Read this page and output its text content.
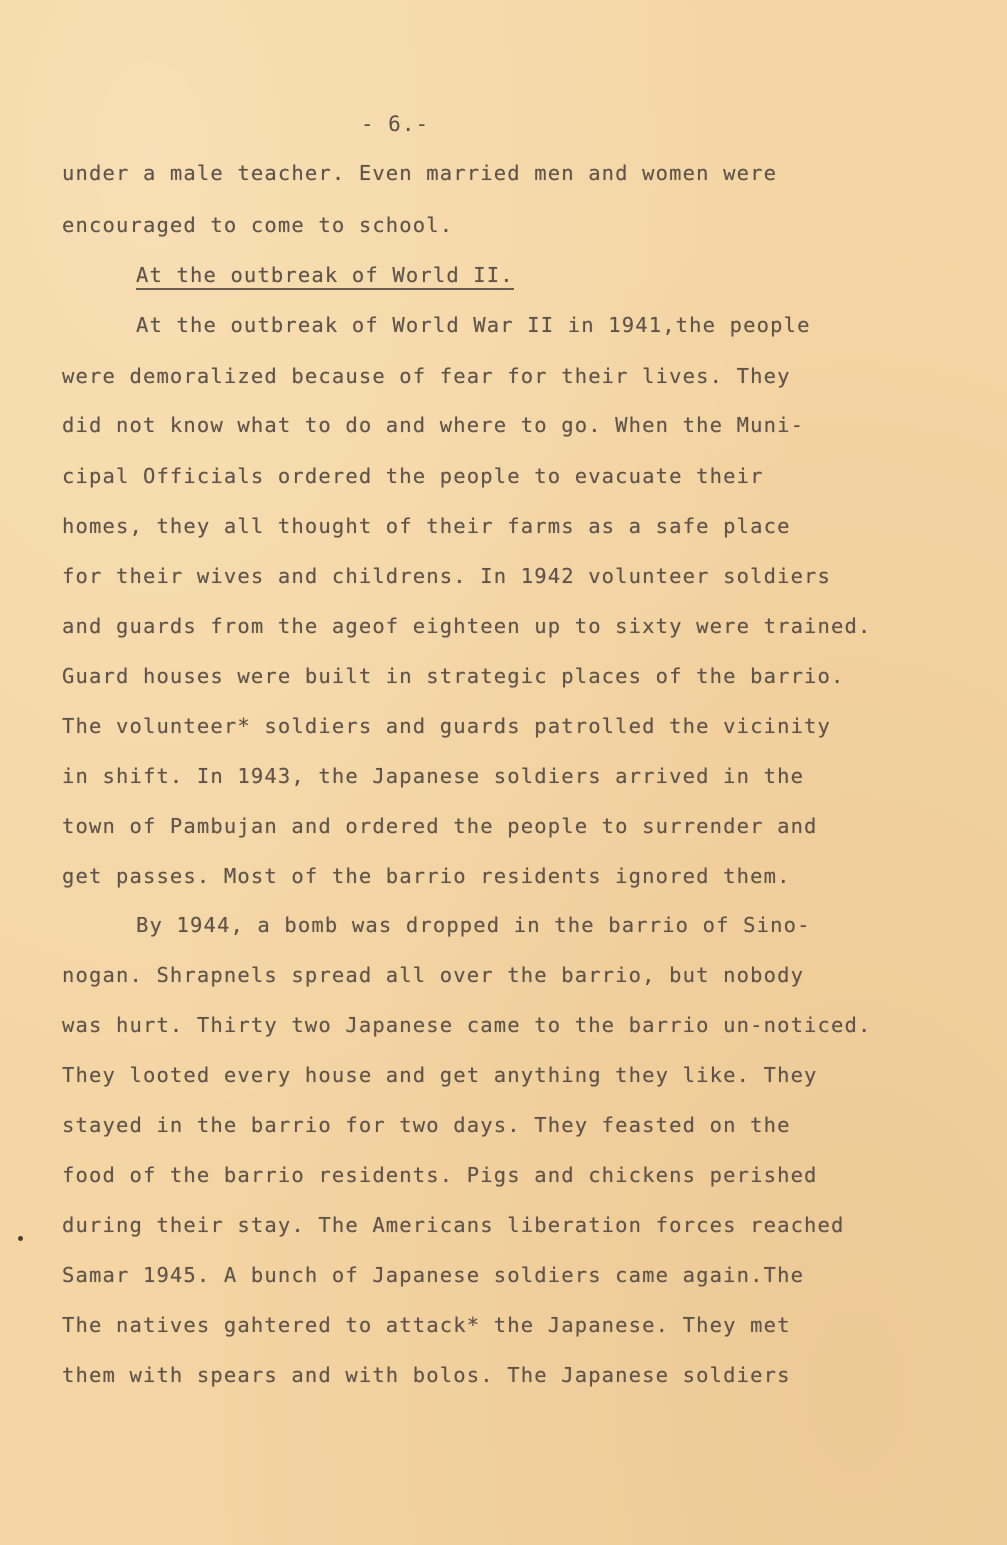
- 6.-
under a male teacher. Even married men and women were
encouraged to come to school.
At the outbreak of World II.
At the outbreak of World War II in 1941,the people
were demoralized because of fear for their lives. They
did not know what to do and where to go. When the Muni-
cipal Officials ordered the people to evacuate their
homes, they all thought of their farms as a safe place
for their wives and childrens. In 1942 volunteer soldiers
and guards from the ageof eighteen up to sixty were trained.
Guard houses were built in strategic places of the barrio.
The volunteer* soldiers and guards patrolled the vicinity
in shift. In 1943, the Japanese soldiers arrived in the
town of Pambujan and ordered the people to surrender and
get passes. Most of the barrio residents ignored them.
By 1944, a bomb was dropped in the barrio of Sino-
nogan. Shrapnels spread all over the barrio, but nobody
was hurt. Thirty two Japanese came to the barrio un-noticed.
They looted every house and get anything they like. They
stayed in the barrio for two days. They feasted on the
food of the barrio residents. Pigs and chickens perished
during their stay. The Americans liberation forces reached
Samar 1945. A bunch of Japanese soldiers came again.The
The natives gahtered to attack* the Japanese. They met
them with spears and with bolos. The Japanese soldiers
